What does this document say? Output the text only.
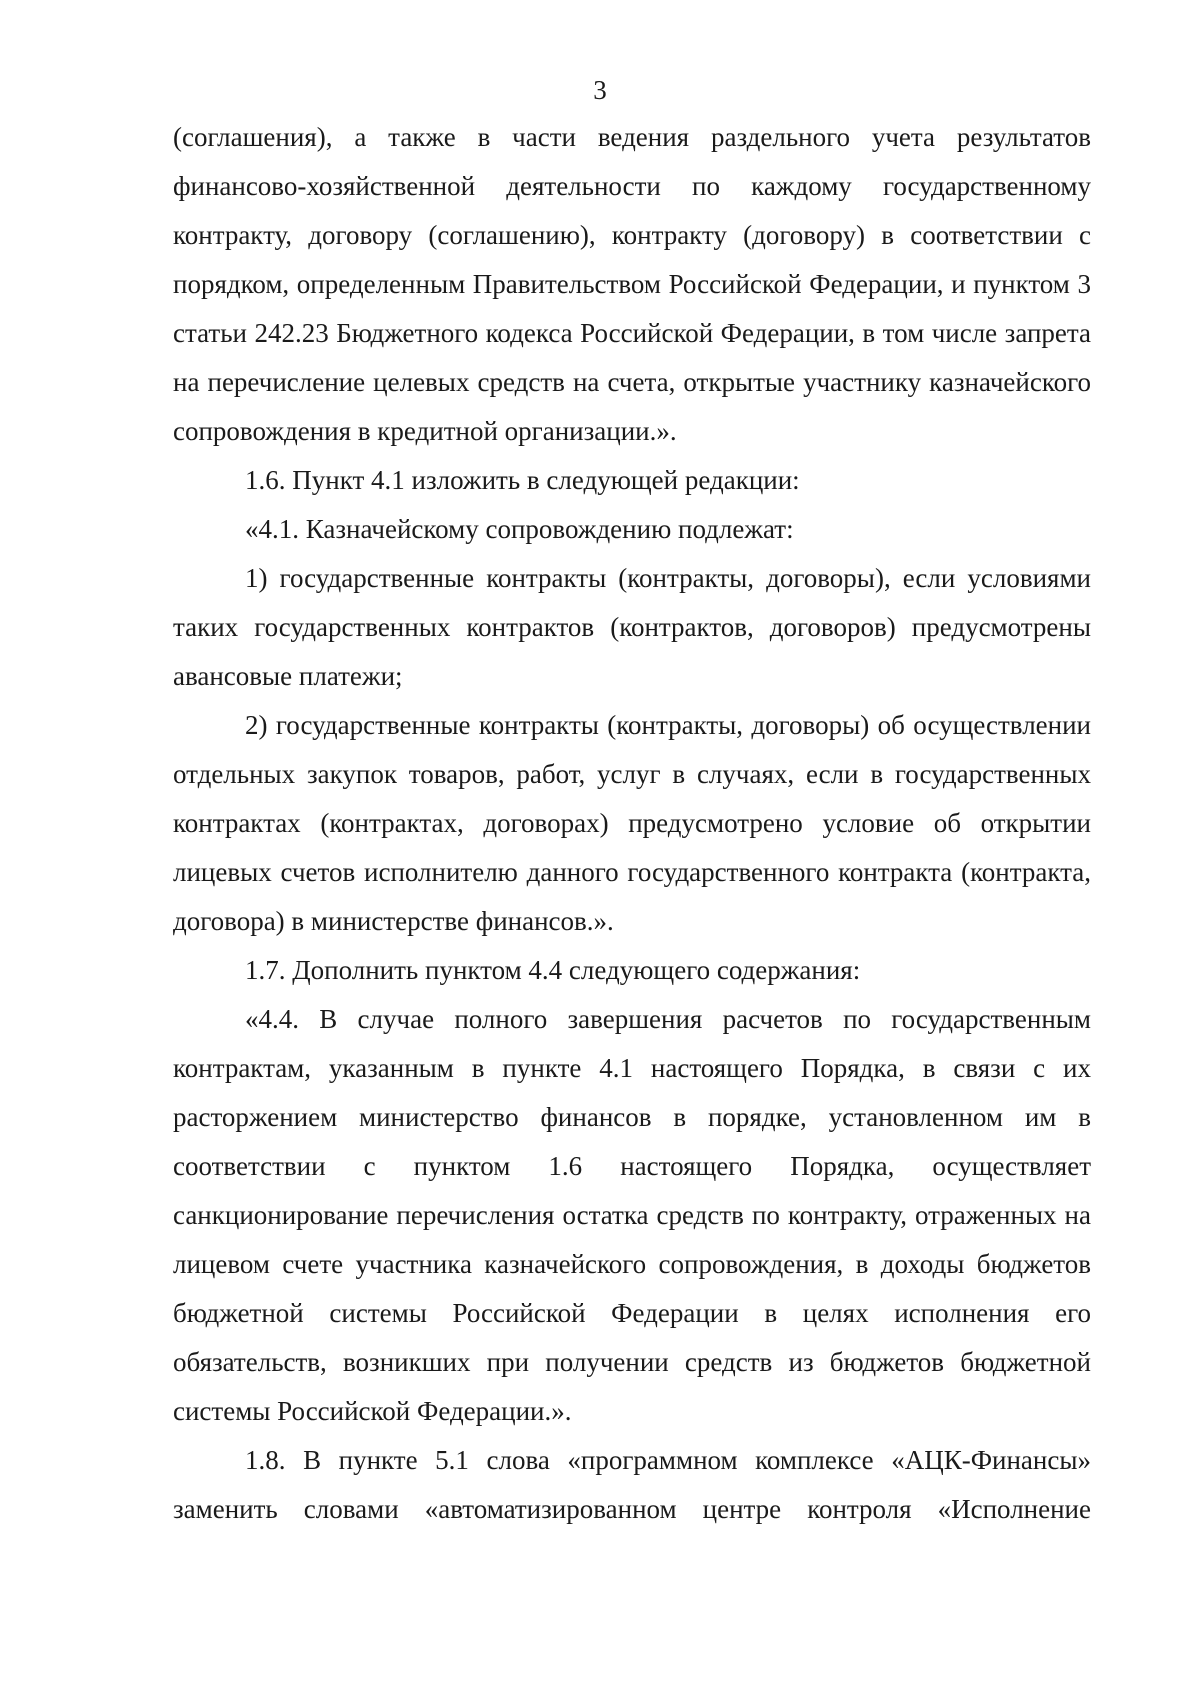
3

(соглашения), а также в части ведения раздельного учета результатов финансово-хозяйственной деятельности по каждому государственному контракту, договору (соглашению), контракту (договору) в соответствии с порядком, определенным Правительством Российской Федерации, и пунктом 3 статьи 242.23 Бюджетного кодекса Российской Федерации, в том числе запрета на перечисление целевых средств на счета, открытые участнику казначейского сопровождения в кредитной организации.».

1.6. Пункт 4.1 изложить в следующей редакции:

«4.1. Казначейскому сопровождению подлежат:

1) государственные контракты (контракты, договоры), если условиями таких государственных контрактов (контрактов, договоров) предусмотрены авансовые платежи;

2) государственные контракты (контракты, договоры) об осуществлении отдельных закупок товаров, работ, услуг в случаях, если в государственных контрактах (контрактах, договорах) предусмотрено условие об открытии лицевых счетов исполнителю данного государственного контракта (контракта, договора) в министерстве финансов.».

1.7. Дополнить пунктом 4.4 следующего содержания:

«4.4. В случае полного завершения расчетов по государственным контрактам, указанным в пункте 4.1 настоящего Порядка, в связи с их расторжением министерство финансов в порядке, установленном им в соответствии с пунктом 1.6 настоящего Порядка, осуществляет санкционирование перечисления остатка средств по контракту, отраженных на лицевом счете участника казначейского сопровождения, в доходы бюджетов бюджетной системы Российской Федерации в целях исполнения его обязательств, возникших при получении средств из бюджетов бюджетной системы Российской Федерации.».

1.8. В пункте 5.1 слова «программном комплексе «АЦК-Финансы» заменить словами «автоматизированном центре контроля «Исполнение
